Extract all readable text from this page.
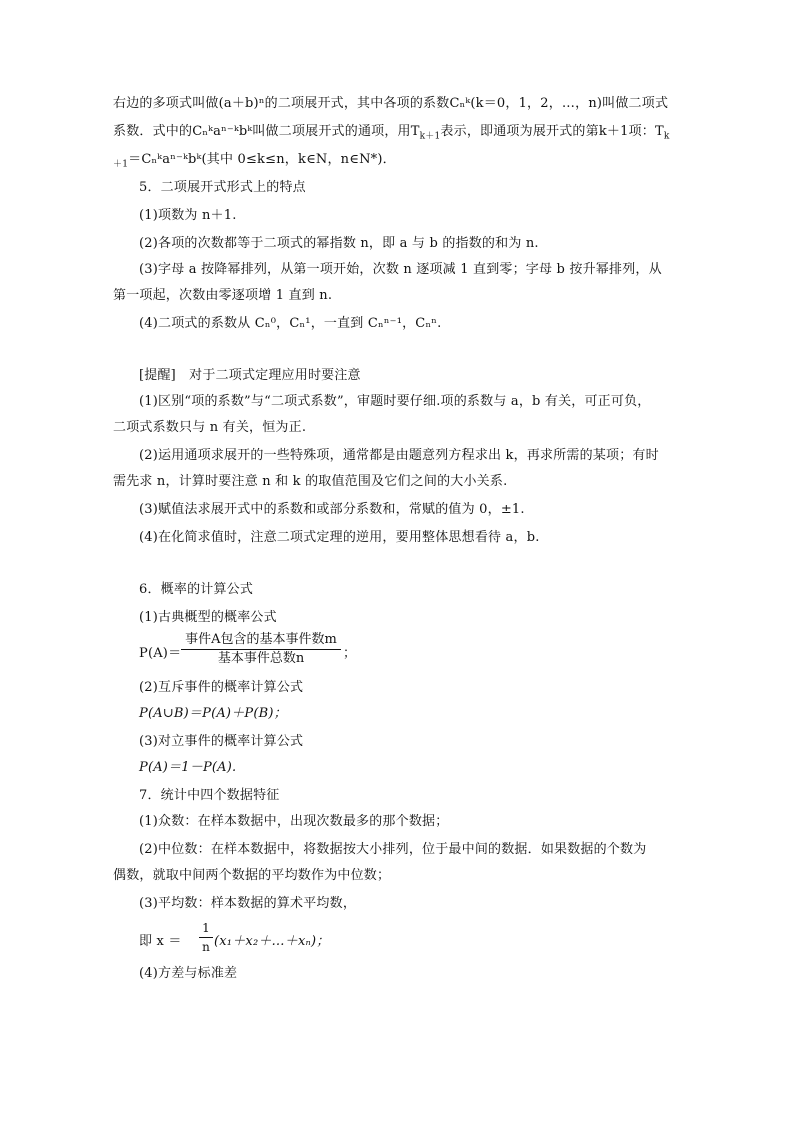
右边的多项式叫做(a＋b)ⁿ的二项展开式，其中各项的系数Cₙᵏ(k＝0，1，2，…，n)叫做二项式
系数．式中的Cₙᵏaⁿ⁻ᵏbᵏ叫做二项展开式的通项，用$T_{k+1}$表示，即通项为展开式的第k＋1项：$T_k$
$_{+1}$＝Cₙᵏaⁿ⁻ᵏbᵏ(其中 0≤k≤n，k∈N，n∈N*)．
5．二项展开式形式上的特点
(1)项数为 n＋1.
(2)各项的次数都等于二项式的幂指数 n，即 a 与 b 的指数的和为 n.
(3)字母 a 按降幂排列，从第一项开始，次数 n 逐项减 1 直到零；字母 b 按升幂排列，从
第一项起，次数由零逐项增 1 直到 n.
(4)二项式的系数从 Cₙ⁰，Cₙ¹，一直到 Cₙⁿ⁻¹，Cₙⁿ.
[提醒]　对于二项式定理应用时要注意
(1)区别“项的系数”与“二项式系数”，审题时要仔细.项的系数与 a，b 有关，可正可负，
二项式系数只与 n 有关，恒为正.
(2)运用通项求展开的一些特殊项，通常都是由题意列方程求出 k，再求所需的某项；有时
需先求 n，计算时要注意 n 和 k 的取值范围及它们之间的大小关系.
(3)赋值法求展开式中的系数和或部分系数和，常赋的值为 0，±1.
(4)在化简求值时，注意二项式定理的逆用，要用整体思想看待 a，b.
6．概率的计算公式
(1)古典概型的概率公式
P(A)＝
事件A包含的基本事件数m
基本事件总数n	；
(2)互斥事件的概率计算公式
P(A∪B)＝P(A)＋P(B)；
(3)对立事件的概率计算公式
P(A)＝1－P(A).
7．统计中四个数据特征
(1)众数：在样本数据中，出现次数最多的那个数据；
(2)中位数：在样本数据中，将数据按大小排列，位于最中间的数据．如果数据的个数为
偶数，就取中间两个数据的平均数作为中位数；
(3)平均数：样本数据的算术平均数，
即 $x = \frac{1}{n}$ (x₁＋x₂＋…＋xₙ)；
(4)方差与标准差
